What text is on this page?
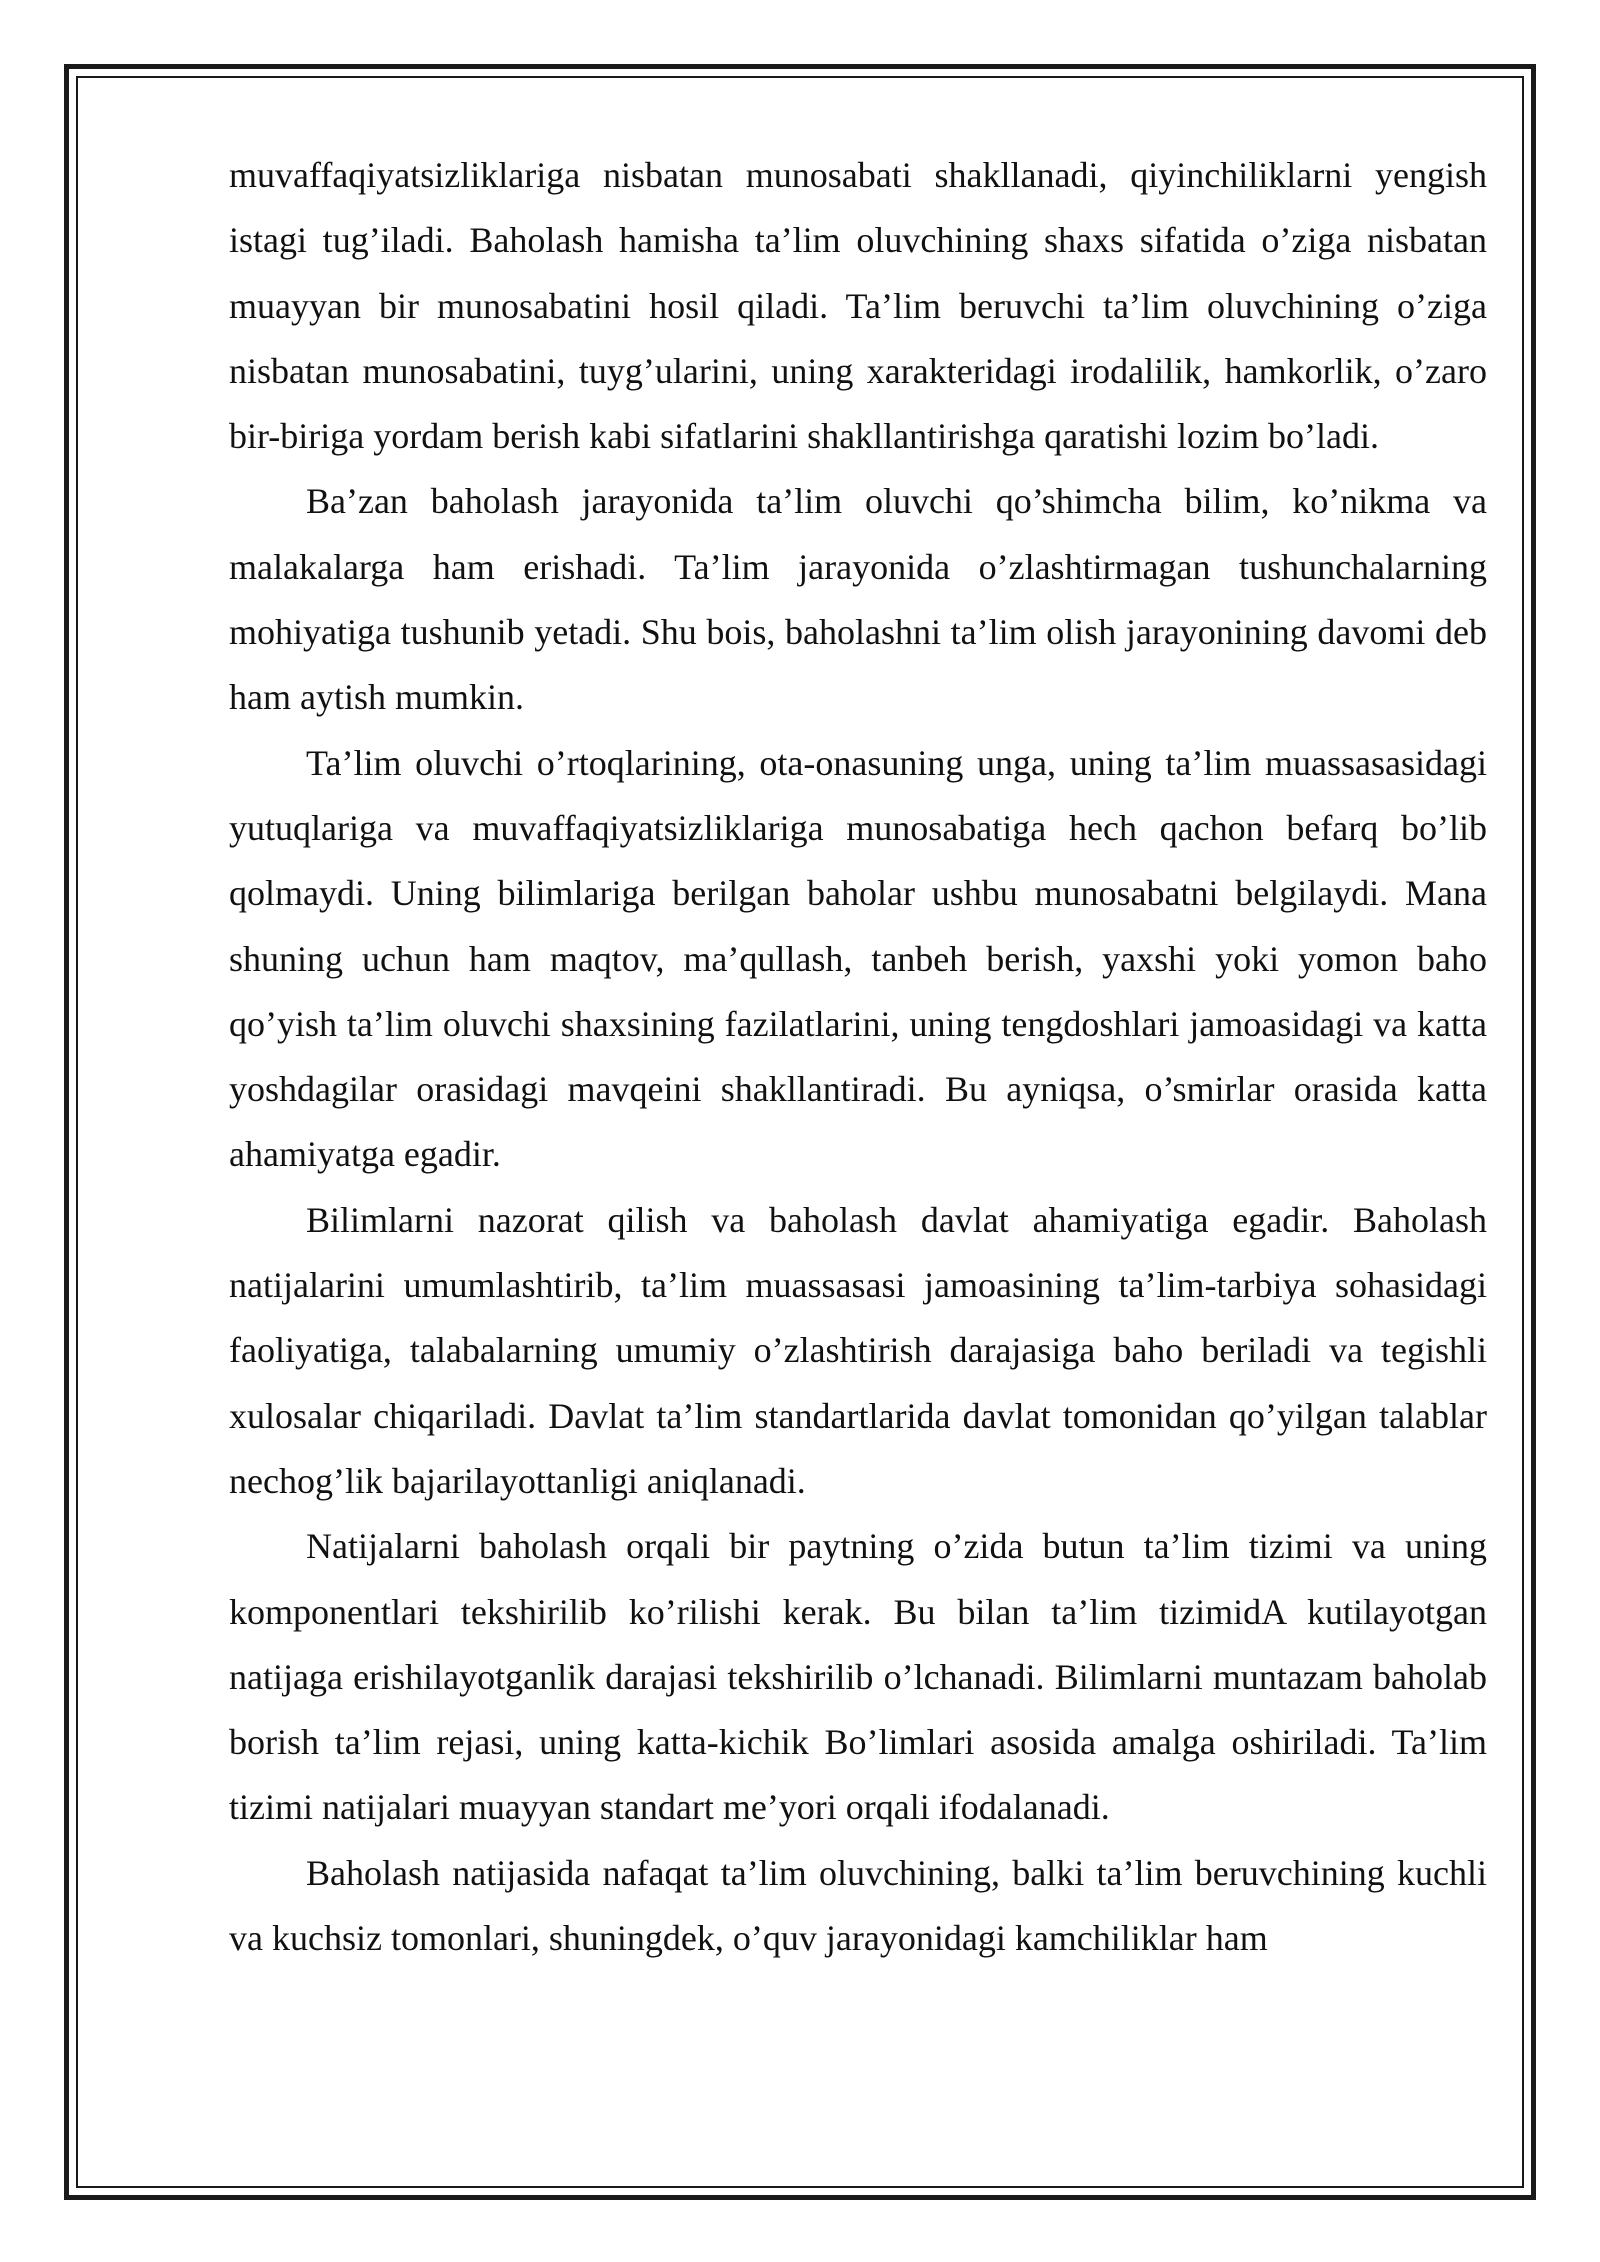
muvaffaqiyatsizliklariga nisbatan munosabati shakllanadi, qiyinchiliklarni yengish istagi tug’iladi. Baholash hamisha ta’lim oluvchining shaxs sifatida o’ziga nisbatan muayyan bir munosabatini hosil qiladi. Ta’lim beruvchi ta’lim oluvchining o’ziga nisbatan munosabatini, tuyg’ularini, uning xarakteridagi irodalilik, hamkorlik, o’zaro bir-biriga yordam berish kabi sifatlarini shakllantirishga qaratishi lozim bo’ladi.

Ba’zan baholash jarayonida ta’lim oluvchi qo’shimcha bilim, ko’nikma va malakalarga ham erishadi. Ta’lim jarayonida o’zlashtirmagan tushunchalarning mohiyatiga tushunib yetadi. Shu bois, baholashni ta’lim olish jarayonining davomi deb ham aytish mumkin.

Ta’lim oluvchi o’rtoqlarining, ota-onasuning unga, uning ta’lim muassasasidagi yutuqlariga va muvaffaqiyatsizliklariga munosabatiga hech qachon befarq bo’lib qolmaydi. Uning bilimlariga berilgan baholar ushbu munosabatni belgilaydi. Mana shuning uchun ham maqtov, ma’qullash, tanbeh berish, yaxshi yoki yomon baho qo’yish ta’lim oluvchi shaxsining fazilatlarini, uning tengdoshlari jamoasidagi va katta yoshdagilar orasidagi mavqeini shakllantiradi. Bu ayniqsa, o’smirlar orasida katta ahamiyatga egadir.

Bilimlarni nazorat qilish va baholash davlat ahamiyatiga egadir. Baholash natijalarini umumlashtirib, ta’lim muassasasi jamoasining ta’lim-tarbiya sohasidagi faoliyatiga, talabalarning umumiy o’zlashtirish darajasiga baho beriladi va tegishli xulosalar chiqariladi. Davlat ta’lim standartlarida davlat tomonidan qo’yilgan talablar nechog’lik bajarilayottanligi aniqlanadi.

Natijalarni baholash orqali bir paytning o’zida butun ta’lim tizimi va uning komponentlari tekshirilib ko’rilishi kerak. Bu bilan ta’lim tizimidA kutilayotgan natijaga erishilayotganlik darajasi tekshirilib o’lchanadi. Bilimlarni muntazam baholab borish ta’lim rejasi, uning katta-kichik Bo’limlari asosida amalga oshiriladi. Ta’lim tizimi natijalari muayyan standart me’yori orqali ifodalanadi.

Baholash natijasida nafaqat ta’lim oluvchining, balki ta’lim beruvchining kuchli va kuchsiz tomonlari, shuningdek, o’quv jarayonidagi kamchiliklar ham
